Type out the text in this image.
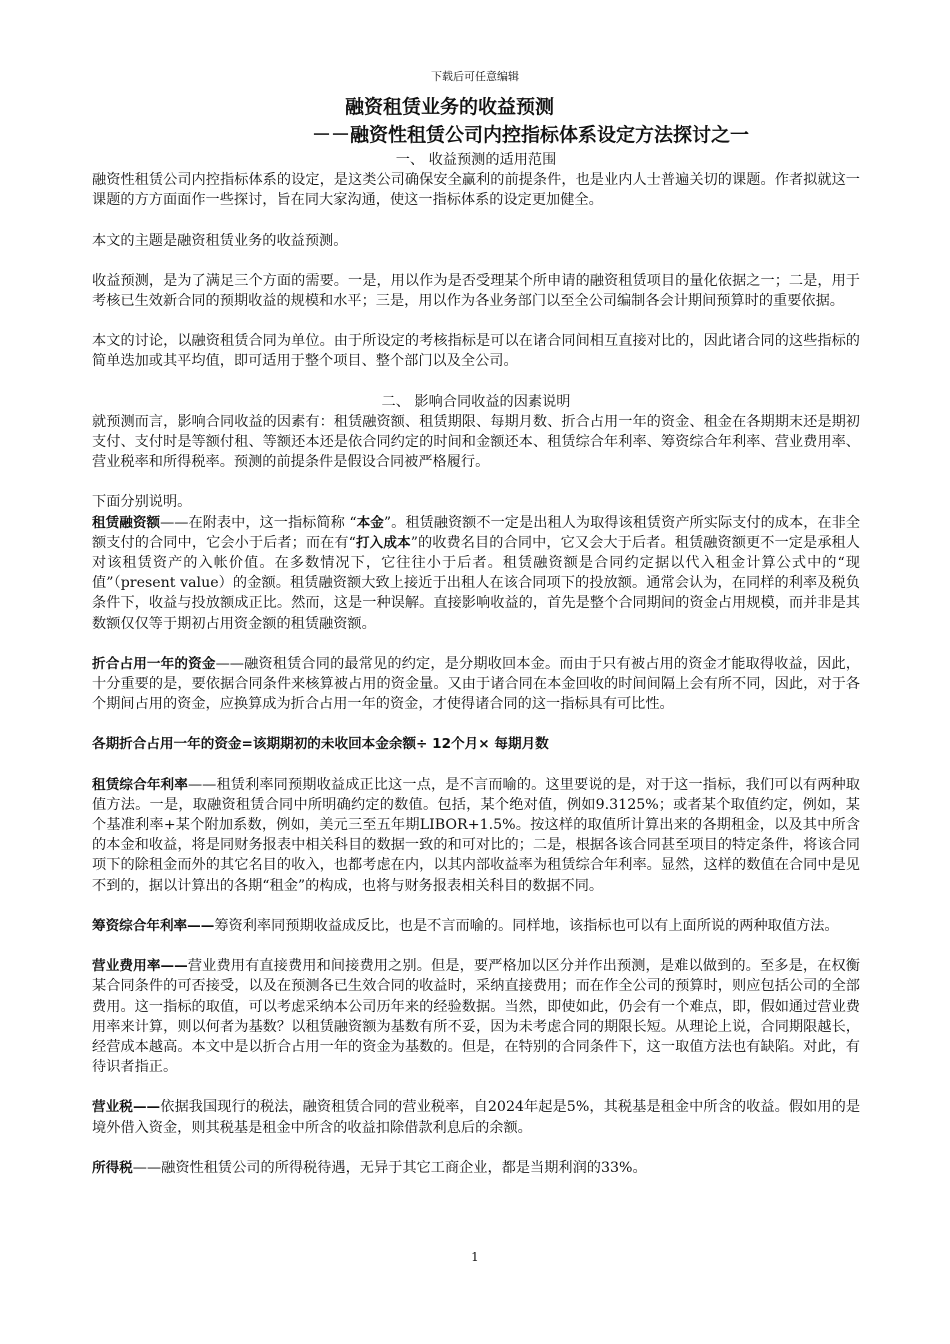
下载后可任意编辑
融资租赁业务的收益预测
－－融资性租赁公司内控指标体系设定方法探讨之一

一、 收益预测的适用范围

融资性租赁公司内控指标体系的设定，是这类公司确保安全赢利的前提条件，也是业内人士普遍关切的课题。作者拟就这一课题的方方面面作一些探讨，旨在同大家沟通，使这一指标体系的设定更加健全。

本文的主题是融资租赁业务的收益预测。

收益预测，是为了满足三个方面的需要。一是，用以作为是否受理某个所申请的融资租赁项目的量化依据之一；二是，用于考核已生效新合同的预期收益的规模和水平；三是，用以作为各业务部门以至全公司编制各会计期间预算时的重要依据。

本文的讨论，以融资租赁合同为单位。由于所设定的考核指标是可以在诸合同间相互直接对比的，因此诸合同的这些指标的简单迭加或其平均值，即可适用于整个项目、整个部门以及全公司。

二、 影响合同收益的因素说明

就预测而言，影响合同收益的因素有：租赁融资额、租赁期限、每期月数、折合占用一年的资金、租金在各期期末还是期初支付、支付时是等额付租、等额还本还是依合同约定的时间和金额还本、租赁综合年利率、筹资综合年利率、营业费用率、营业税率和所得税率。预测的前提条件是假设合同被严格履行。

下面分别说明。

租赁融资额——在附表中，这一指标简称 “本金”。租赁融资额不一定是出租人为取得该租赁资产所实际支付的成本，在非全额支付的合同中，它会小于后者；而在有“打入成本”的收费名目的合同中，它又会大于后者。租赁融资额更不一定是承租人对该租赁资产的入帐价值。在多数情况下，它往往小于后者。租赁融资额是合同约定据以代入租金计算公式中的“现值”（present value）的金额。租赁融资额大致上接近于出租人在该合同项下的投放额。通常会认为，在同样的利率及税负条件下，收益与投放额成正比。然而，这是一种误解。直接影响收益的，首先是整个合同期间的资金占用规模，而并非是其数额仅仅等于期初占用资金额的租赁融资额。

折合占用一年的资金——融资租赁合同的最常见的约定，是分期收回本金。而由于只有被占用的资金才能取得收益，因此，十分重要的是，要依据合同条件来核算被占用的资金量。又由于诸合同在本金回收的时间间隔上会有所不同，因此，对于各个期间占用的资金，应换算成为折合占用一年的资金，才使得诸合同的这一指标具有可比性。

各期折合占用一年的资金=该期期初的未收回本金余额÷ 12个月× 每期月数

租赁综合年利率——租赁利率同预期收益成正比这一点，是不言而喻的。这里要说的是，对于这一指标，我们可以有两种取值方法。一是，取融资租赁合同中所明确约定的数值。包括，某个绝对值，例如9.3125%；或者某个取值约定，例如，某个基准利率+某个附加系数，例如，美元三至五年期LIBOR+1.5%。按这样的取值所计算出来的各期租金，以及其中所含的本金和收益，将是同财务报表中相关科目的数据一致的和可对比的；二是，根据各该合同甚至项目的特定条件，将该合同项下的除租金而外的其它名目的收入，也都考虑在内，以其内部收益率为租赁综合年利率。显然，这样的数值在合同中是见不到的，据以计算出的各期“租金”的构成，也将与财务报表相关科目的数据不同。

筹资综合年利率——筹资利率同预期收益成反比，也是不言而喻的。同样地，该指标也可以有上面所说的两种取值方法。

营业费用率——营业费用有直接费用和间接费用之别。但是，要严格加以区分并作出预测，是难以做到的。至多是，在权衡某合同条件的可否接受，以及在预测各已生效合同的收益时，采纳直接费用；而在作全公司的预算时，则应包括公司的全部费用。这一指标的取值，可以考虑采纳本公司历年来的经验数据。当然，即使如此，仍会有一个难点，即，假如通过营业费用率来计算，则以何者为基数？以租赁融资额为基数有所不妥，因为未考虑合同的期限长短。从理论上说，合同期限越长，经营成本越高。本文中是以折合占用一年的资金为基数的。但是，在特别的合同条件下，这一取值方法也有缺陷。对此，有待识者指正。

营业税——依据我国现行的税法，融资租赁合同的营业税率，自2024年起是5%，其税基是租金中所含的收益。假如用的是境外借入资金，则其税基是租金中所含的收益扣除借款利息后的余额。

所得税——融资性租赁公司的所得税待遇，无异于其它工商企业，都是当期利润的33%。

1
